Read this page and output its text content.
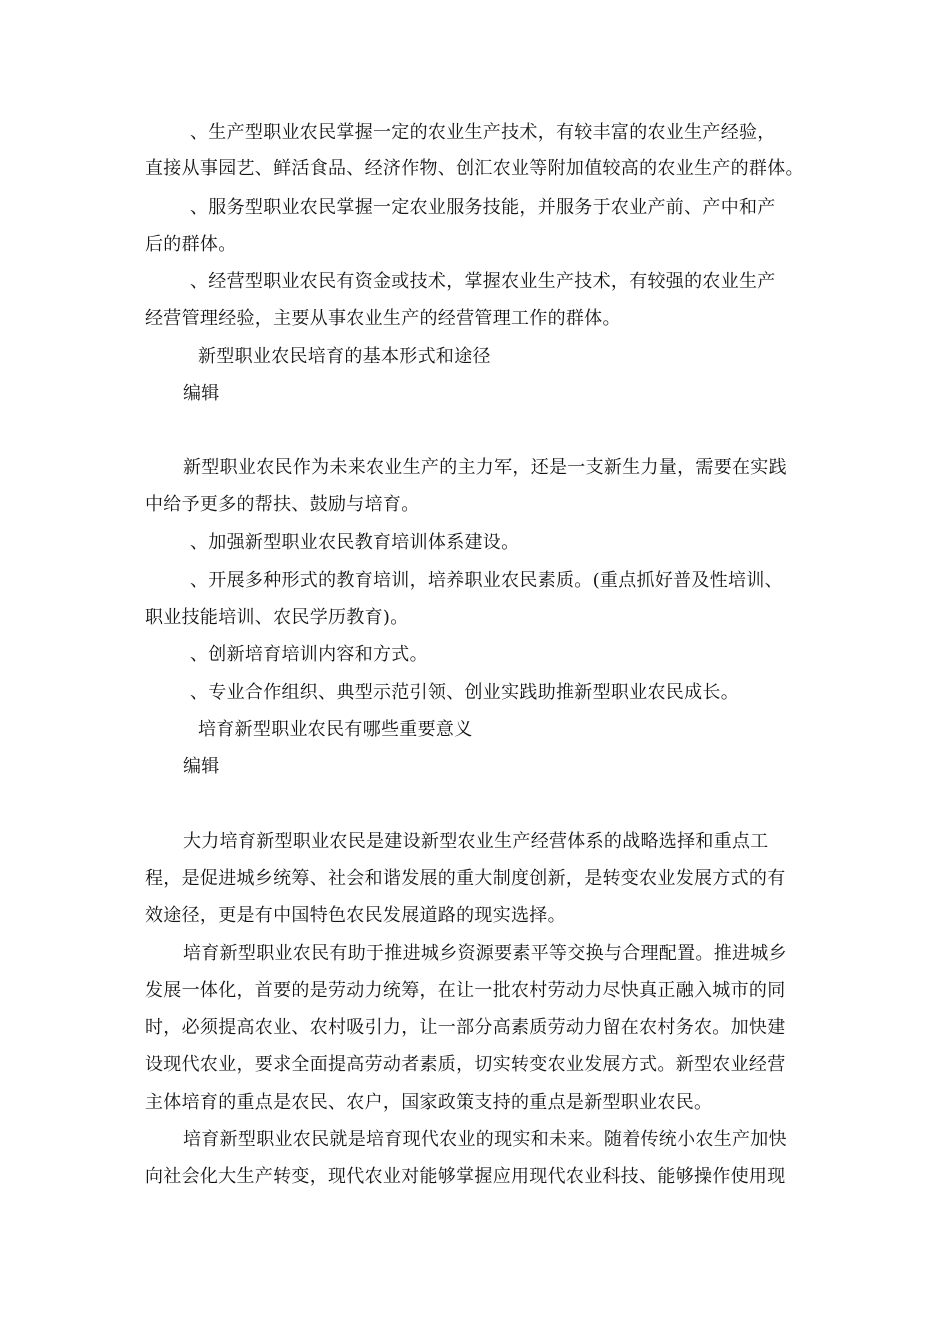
、生产型职业农民掌握一定的农业生产技术，有较丰富的农业生产经验，
直接从事园艺、鲜活食品、经济作物、创汇农业等附加值较高的农业生产的群体。
、服务型职业农民掌握一定农业服务技能，并服务于农业产前、产中和产
后的群体。
、经营型职业农民有资金或技术，掌握农业生产技术，有较强的农业生产
经营管理经验，主要从事农业生产的经营管理工作的群体。
新型职业农民培育的基本形式和途径
编辑
新型职业农民作为未来农业生产的主力军，还是一支新生力量，需要在实践
中给予更多的帮扶、鼓励与培育。
、加强新型职业农民教育培训体系建设。
、开展多种形式的教育培训，培养职业农民素质。(重点抓好普及性培训、
职业技能培训、农民学历教育)。
、创新培育培训内容和方式。
、专业合作组织、典型示范引领、创业实践助推新型职业农民成长。
培育新型职业农民有哪些重要意义
编辑
大力培育新型职业农民是建设新型农业生产经营体系的战略选择和重点工
程，是促进城乡统筹、社会和谐发展的重大制度创新，是转变农业发展方式的有
效途径，更是有中国特色农民发展道路的现实选择。
培育新型职业农民有助于推进城乡资源要素平等交换与合理配置。推进城乡
发展一体化，首要的是劳动力统筹，在让一批农村劳动力尽快真正融入城市的同
时，必须提高农业、农村吸引力，让一部分高素质劳动力留在农村务农。加快建
设现代农业，要求全面提高劳动者素质，切实转变农业发展方式。新型农业经营
主体培育的重点是农民、农户，国家政策支持的重点是新型职业农民。
培育新型职业农民就是培育现代农业的现实和未来。随着传统小农生产加快
向社会化大生产转变，现代农业对能够掌握应用现代农业科技、能够操作使用现
